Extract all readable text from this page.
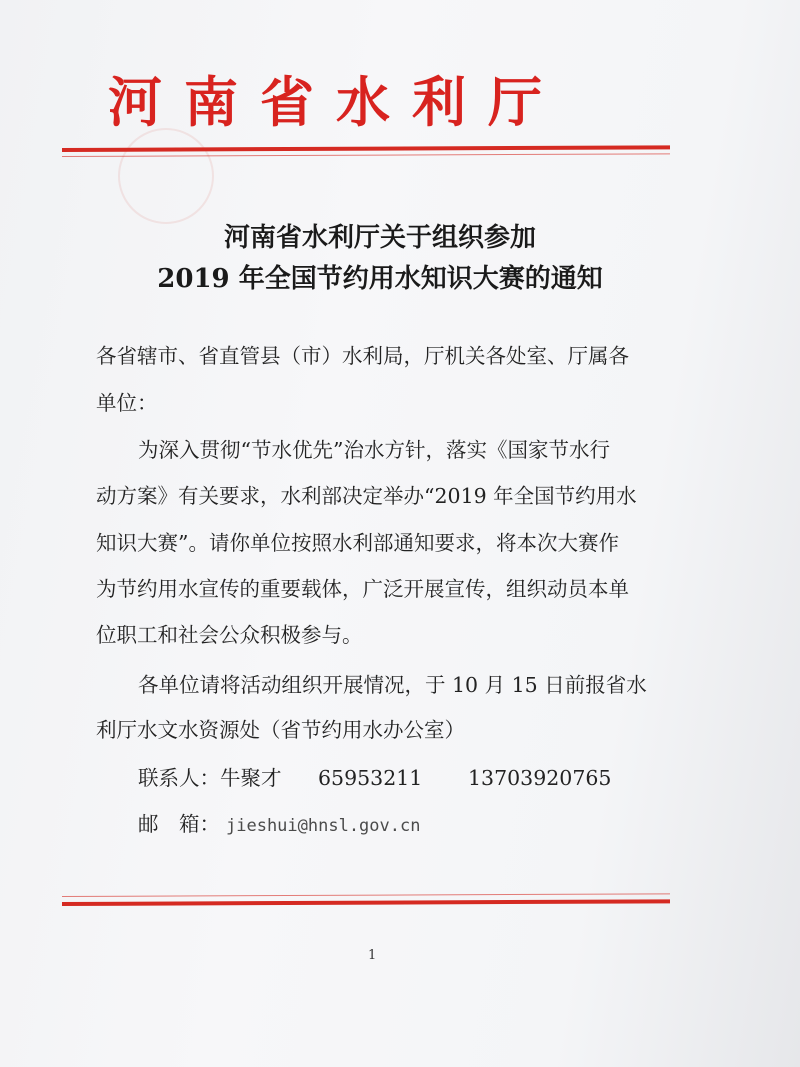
河南省水利厅
河南省水利厅关于组织参加
2019 年全国节约用水知识大赛的通知
各省辖市、省直管县（市）水利局，厅机关各处室、厅属各
单位：
为深入贯彻“节水优先”治水方针，落实《国家节水行
动方案》有关要求，水利部决定举办“2019 年全国节约用水
知识大赛”。请你单位按照水利部通知要求，将本次大赛作
为节约用水宣传的重要载体，广泛开展宣传，组织动员本单
位职工和社会公众积极参与。
各单位请将活动组织开展情况，于 10 月 15 日前报省水
利厅水文水资源处（省节约用水办公室）
联系人：牛聚才 65953211 13703920765
邮　箱： jieshui@hnsl.gov.cn
1
